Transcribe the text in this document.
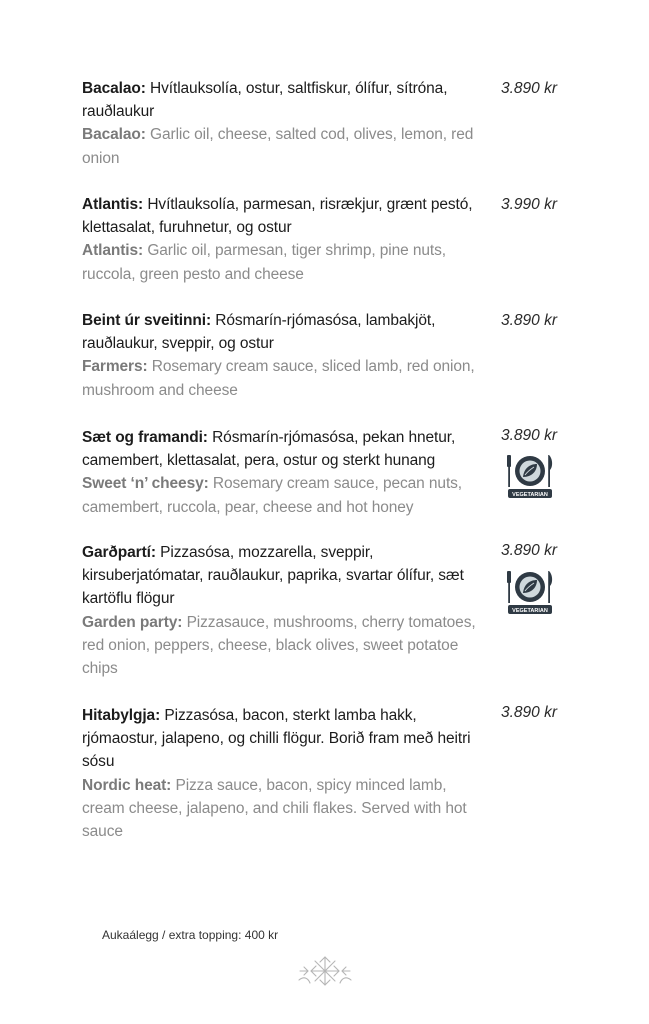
Bacalao: Hvítlauksolía, ostur, saltfiskur, ólífur, sítróna, rauðlaukur
Bacalao: Garlic oil, cheese, salted cod, olives, lemon, red onion
3.890 kr
Atlantis: Hvítlauksolía, parmesan, risrækjur, grænt pestó, klettasalat, furuhnetur, og ostur
Atlantis: Garlic oil, parmesan, tiger shrimp, pine nuts, ruccola, green pesto and cheese
3.990 kr
Beint úr sveitinni: Rósmarín-rjómasósa, lambakjöt, rauðlaukur, sveppir, og ostur
Farmers: Rosemary cream sauce, sliced lamb, red onion, mushroom and cheese
3.890 kr
Sæt og framandi: Rósmarín-rjómasósa, pekan hnetur, camembert, klettasalat, pera, ostur og sterkt hunang
Sweet ‘n’ cheesy: Rosemary cream sauce, pecan nuts, camembert, ruccola, pear, cheese and hot honey
3.890 kr
VEGETARIAN
Garðpartí: Pizzasósa, mozzarella, sveppir, kirsuberjatómatar, rauðlaukur, paprika, svartar ólífur, sæt kartöflu flögur
Garden party: Pizzasauce, mushrooms, cherry tomatoes, red onion, peppers, cheese, black olives, sweet potatoe chips
3.890 kr
VEGETARIAN
Hitabylgja: Pizzasósa, bacon, sterkt lamba hakk, rjómaostur, jalapeno, og chilli flögur. Borið fram með heitri sósu
Nordic heat: Pizza sauce, bacon, spicy minced lamb, cream cheese, jalapeno, and chili flakes. Served with hot sauce
3.890 kr
Aukaálegg / extra topping: 400 kr
